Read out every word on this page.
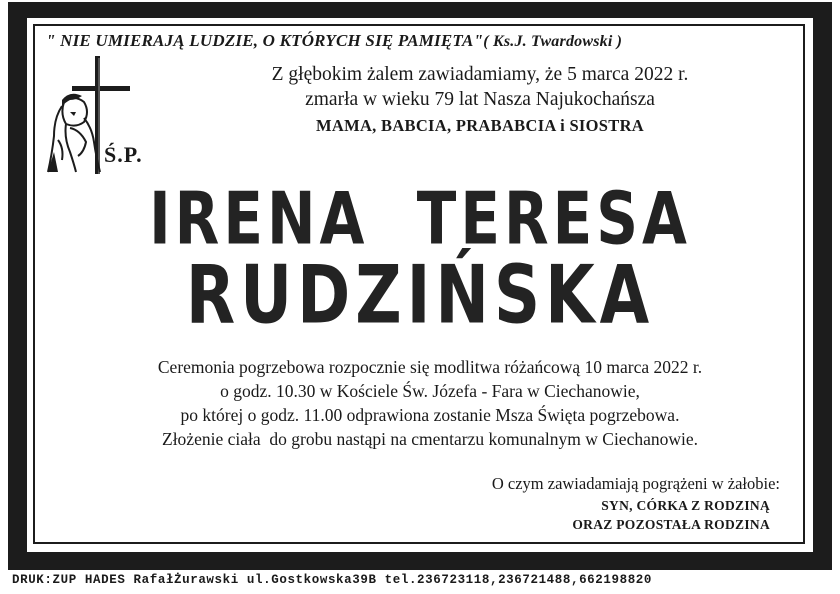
" NIE UMIERAJĄ LUDZIE, O KTÓRYCH SIĘ PAMIĘTA"( Ks.J. Twardowski )
Z głębokim żalem zawiadamiamy, że 5 marca 2022 r.
zmarła w wieku 79 lat Nasza Najukochańsza
MAMA, BABCIA, PRABABCIA i SIOSTRA
Ś.P.
IRENA  TERESA
RUDZIŃSKA
Ceremonia pogrzebowa rozpocznie się modlitwa różańcową 10 marca 2022 r.
o godz. 10.30 w Kościele Św. Józefa - Fara w Ciechanowie,
po której o godz. 11.00 odprawiona zostanie Msza Święta pogrzebowa.
Złożenie ciała  do grobu nastąpi na cmentarzu komunalnym w Ciechanowie.
O czym zawiadamiają pogrążeni w żałobie:
SYN, CÓRKA Z RODZINĄ
ORAZ POZOSTAŁA RODZINA
DRUK:ZUP HADES RafałŻurawski ul.Gostkowska39B tel.236723118,236721488,662198820
